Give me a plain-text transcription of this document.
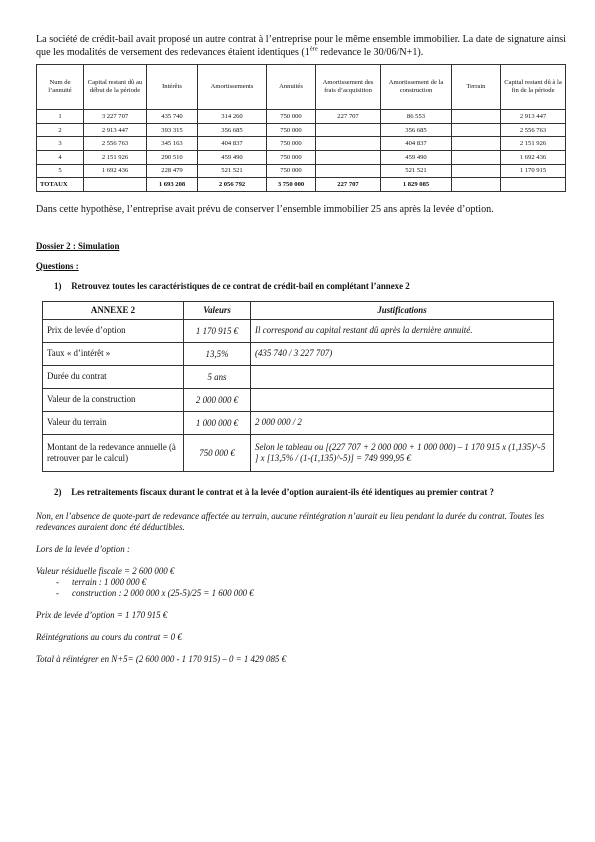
La société de crédit-bail avait proposé un autre contrat à l’entreprise pour le même ensemble immobilier. La date de signature ainsi que les modalités de versement des redevances étaient identiques (1ère redevance le 30/06/N+1).

Num de l’annuité	Capital restant dû au début de la période	Intérêts	Amortissements	Annuités	Amortissement des frais d’acquisition	Amortissement de la construction	Terrain	Capital restant dû à la fin de la période
1	3 227 707	435 740	314 260	750 000	227 707	86 553		2 913 447
2	2 913 447	393 315	356 685	750 000		356 685		2 556 763
3	2 556 763	345 163	404 837	750 000		404 837		2 151 926
4	2 151 926	290 510	459 490	750 000		459 490		1 692 436
5	1 692 436	228 479	521 521	750 000		521 521		1 170 915
TOTAUX		1 693 208	2 056 792	3 750 000	227 707	1 829 085		

Dans cette hypothèse, l’entreprise avait prévu de conserver l’ensemble immobilier 25 ans après la levée d’option.

Dossier 2 : Simulation

Questions :

1) Retrouvez toutes les caractéristiques de ce contrat de crédit-bail en complétant l’annexe 2

ANNEXE 2	Valeurs	Justifications
Prix de levée d’option	1 170 915 €	Il correspond au capital restant dû après la dernière annuité.
Taux « d’intérêt »	13,5%	(435 740 / 3 227 707)
Durée du contrat	5 ans	
Valeur de la construction	2 000 000 €	
Valeur du terrain	1 000 000 €	2 000 000 / 2
Montant de la redevance annuelle (à retrouver par le calcul)	750 000 €	Selon le tableau ou [(227 707 + 2 000 000 + 1 000 000) – 1 170 915 x (1,135)^-5 ] x [13,5% / (1-(1,135)^-5)] = 749 999,95 €

2) Les retraitements fiscaux durant le contrat et à la levée d’option auraient-ils été identiques au premier contrat ?

Non, en l’absence de quote-part de redevance affectée au terrain, aucune réintégration n’aurait eu lieu pendant la durée du contrat. Toutes les redevances auraient donc été déductibles.

Lors de la levée d’option :

Valeur résiduelle fiscale = 2 600 000 €

- terrain : 1 000 000 €

- construction : 2 000 000 x (25-5)/25 = 1 600 000 €

Prix de levée d’option = 1 170 915 €

Réintégrations au cours du contrat = 0 €

Total à réintégrer en N+5= (2 600 000 - 1 170 915) – 0 = 1 429 085 €
